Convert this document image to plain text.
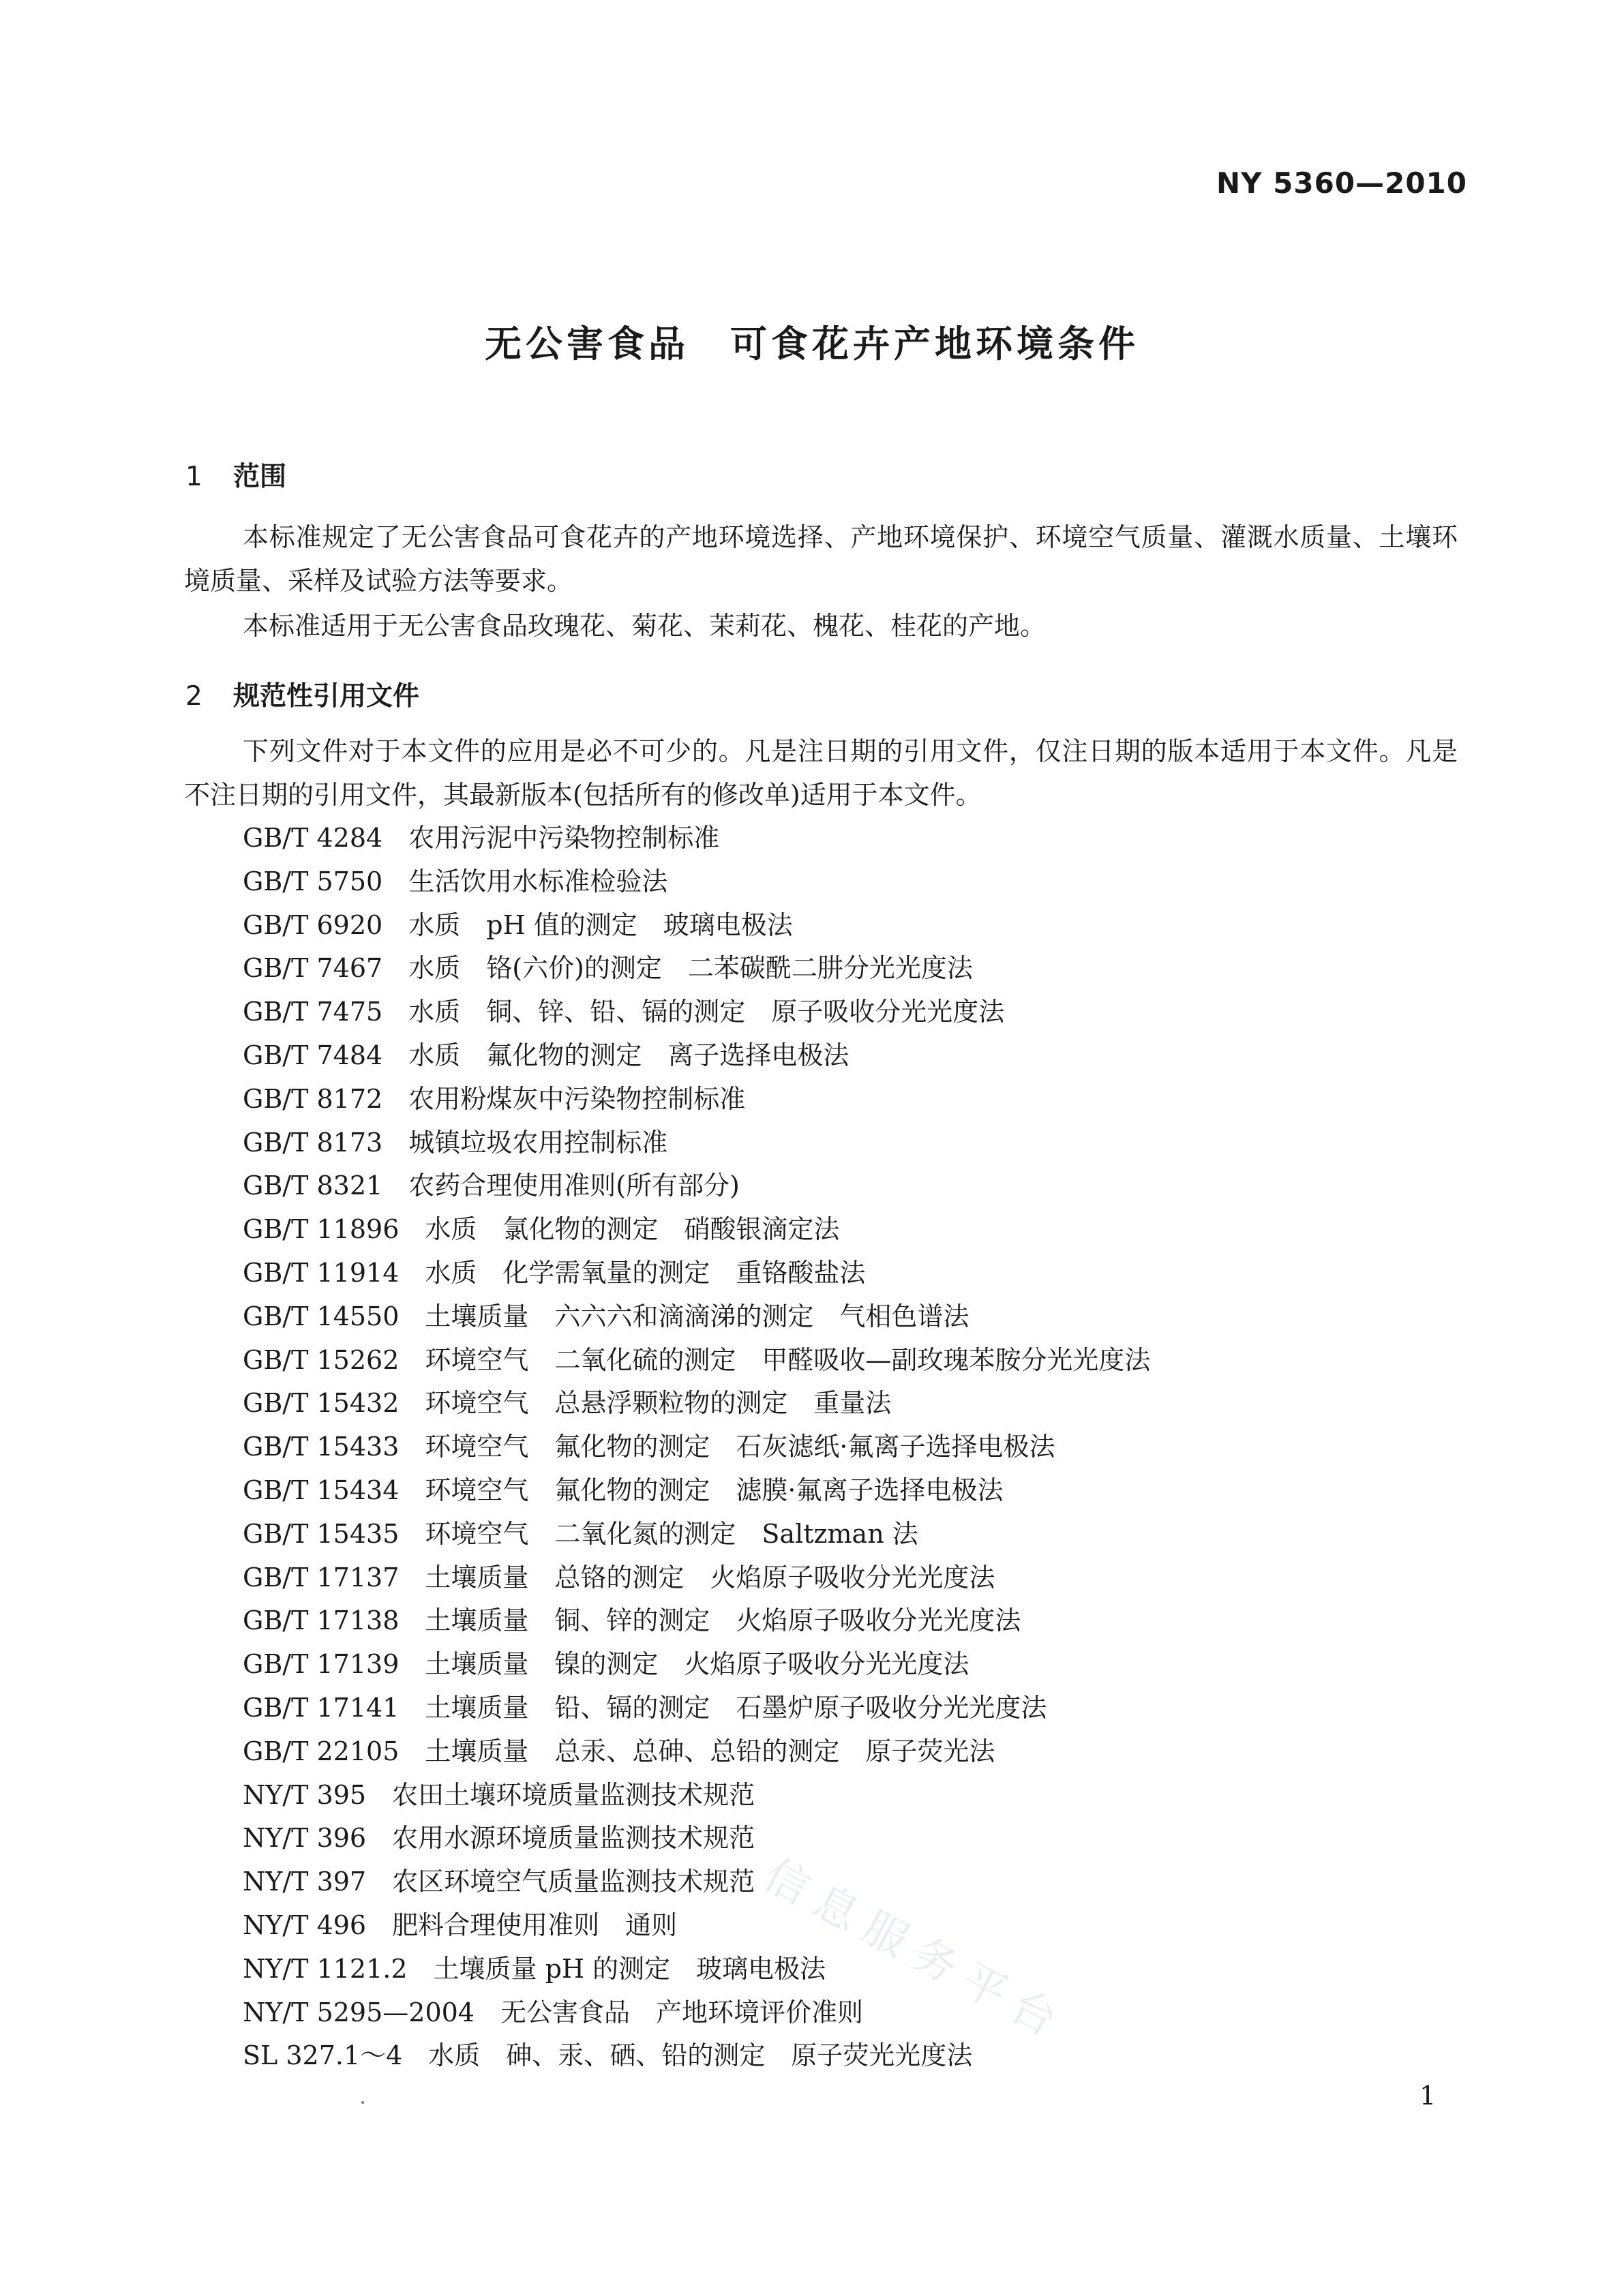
NY 5360—2010
无公害食品　可食花卉产地环境条件
1 范围

本标准规定了无公害食品可食花卉的产地环境选择、产地环境保护、环境空气质量、灌溉水质量、土壤环境质量、采样及试验方法等要求。

本标准适用于无公害食品玫瑰花、菊花、茉莉花、槐花、桂花的产地。

2 规范性引用文件

下列文件对于本文件的应用是必不可少的。凡是注日期的引用文件，仅注日期的版本适用于本文件。凡是不注日期的引用文件，其最新版本(包括所有的修改单)适用于本文件。

GB/T 4284　农用污泥中污染物控制标准
GB/T 5750　生活饮用水标准检验法
GB/T 6920　水质　pH 值的测定　玻璃电极法
GB/T 7467　水质　铬(六价)的测定　二苯碳酰二肼分光光度法
GB/T 7475　水质　铜、锌、铅、镉的测定　原子吸收分光光度法
GB/T 7484　水质　氟化物的测定　离子选择电极法
GB/T 8172　农用粉煤灰中污染物控制标准
GB/T 8173　城镇垃圾农用控制标准
GB/T 8321　农药合理使用准则(所有部分)
GB/T 11896　水质　氯化物的测定　硝酸银滴定法
GB/T 11914　水质　化学需氧量的测定　重铬酸盐法
GB/T 14550　土壤质量　六六六和滴滴涕的测定　气相色谱法
GB/T 15262　环境空气　二氧化硫的测定　甲醛吸收—副玫瑰苯胺分光光度法
GB/T 15432　环境空气　总悬浮颗粒物的测定　重量法
GB/T 15433　环境空气　氟化物的测定　石灰滤纸·氟离子选择电极法
GB/T 15434　环境空气　氟化物的测定　滤膜·氟离子选择电极法
GB/T 15435　环境空气　二氧化氮的测定　Saltzman 法
GB/T 17137　土壤质量　总铬的测定　火焰原子吸收分光光度法
GB/T 17138　土壤质量　铜、锌的测定　火焰原子吸收分光光度法
GB/T 17139　土壤质量　镍的测定　火焰原子吸收分光光度法
GB/T 17141　土壤质量　铅、镉的测定　石墨炉原子吸收分光光度法
GB/T 22105　土壤质量　总汞、总砷、总铅的测定　原子荧光法
NY/T 395　农田土壤环境质量监测技术规范
NY/T 396　农用水源环境质量监测技术规范
NY/T 397　农区环境空气质量监测技术规范
NY/T 496　肥料合理使用准则　通则
NY/T 1121.2　土壤质量 pH 的测定　玻璃电极法
NY/T 5295—2004　无公害食品　产地环境评价准则
SL 327.1～4　水质　砷、汞、硒、铅的测定　原子荧光光度法
信息服务平台
1
